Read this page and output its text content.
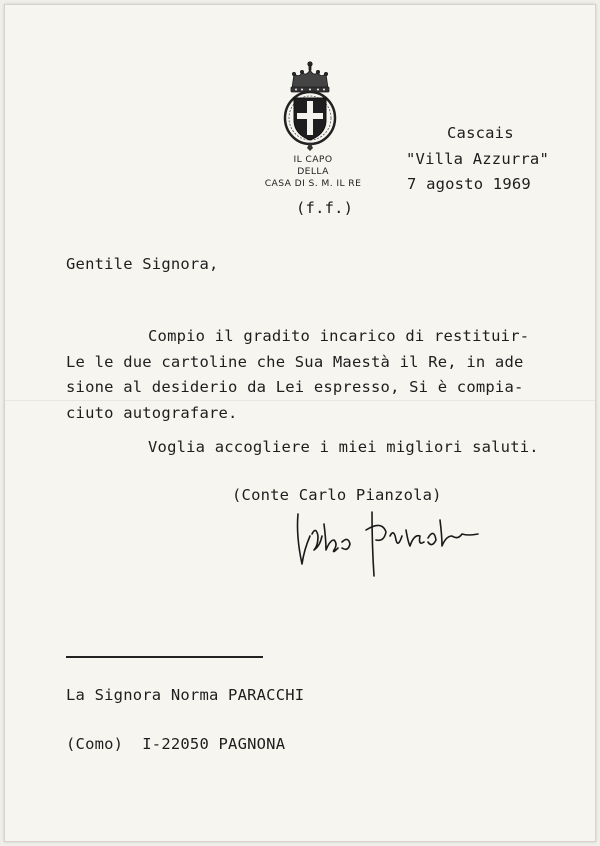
IL CAPO
DELLA
CASA DI S. M. IL RE
(f.f.)
Cascais
"Villa Azzurra"
7 agosto 1969
Gentile Signora,
Compio il gradito incarico di restituir-
Le le due cartoline che Sua Maestà il Re, in ade
sione al desiderio da Lei espresso, Si è compia-
ciuto autografare.
Voglia accogliere i miei migliori saluti.
(Conte Carlo Pianzola)
La Signora Norma PARACCHI
(Como)  I-22050 PAGNONA
